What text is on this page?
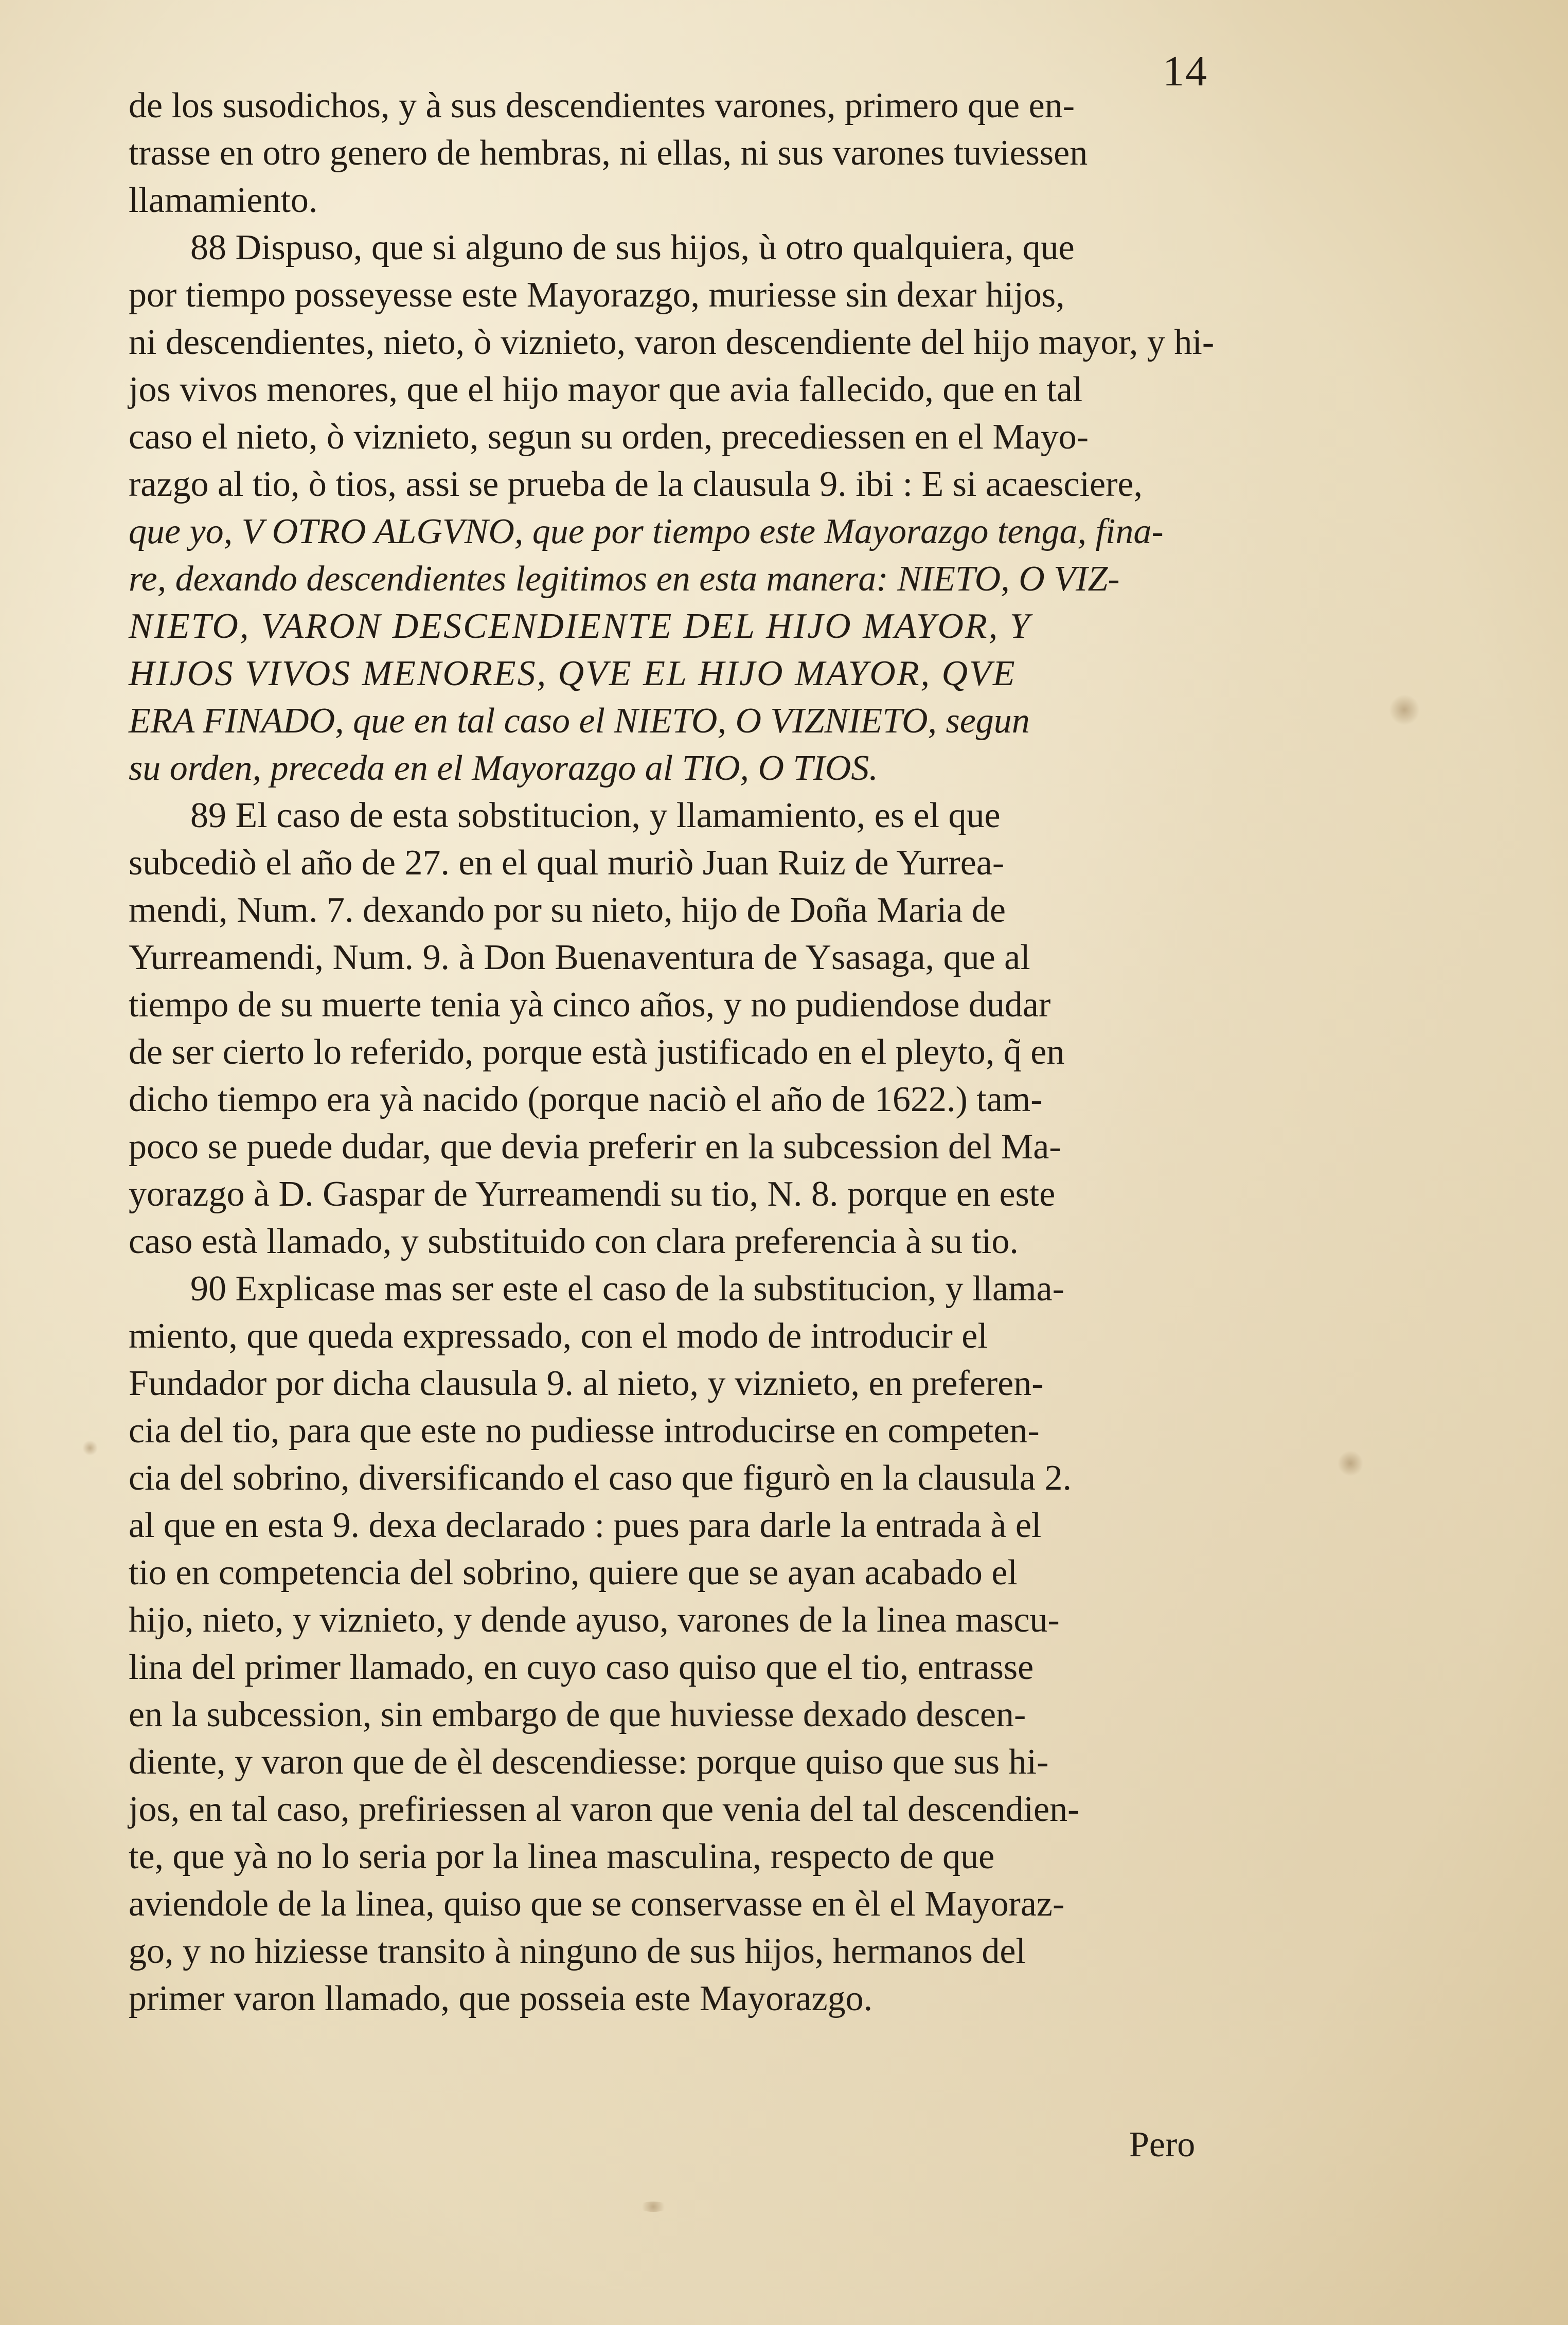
14
de los susodichos, y à sus descendientes varones, primero que en-
trasse en otro genero de hembras, ni ellas, ni sus varones tuviessen
llamamiento.
88 Dispuso, que si alguno de sus hijos, ù otro qualquiera, que
por tiempo posseyesse este Mayorazgo, muriesse sin dexar hijos,
ni descendientes, nieto, ò viznieto, varon descendiente del hijo mayor, y hi-
jos vivos menores, que el hijo mayor que avia fallecido, que en tal
caso el nieto, ò viznieto, segun su orden, precediessen en el Mayo-
razgo al tio, ò tios, assi se prueba de la clausula 9. ibi : E si acaesciere,
que yo, V OTRO ALGVNO, que por tiempo este Mayorazgo tenga, fina-
re, dexando descendientes legitimos en esta manera: NIETO, O VIZ-
NIETO, VARON DESCENDIENTE DEL HIJO MAYOR, Y
HIJOS VIVOS MENORES, QVE EL HIJO MAYOR, QVE
ERA FINADO, que en tal caso el NIETO, O VIZNIETO, segun
su orden, preceda en el Mayorazgo al TIO, O TIOS.
89 El caso de esta sobstitucion, y llamamiento, es el que
subcediò el año de 27. en el qual muriò Juan Ruiz de Yurrea-
mendi, Num. 7. dexando por su nieto, hijo de Doña Maria de
Yurreamendi, Num. 9. à Don Buenaventura de Ysasaga, que al
tiempo de su muerte tenia yà cinco años, y no pudiendose dudar
de ser cierto lo referido, porque està justificado en el pleyto, q̃ en
dicho tiempo era yà nacido (porque naciò el año de 1622.) tam-
poco se puede dudar, que devia preferir en la subcession del Ma-
yorazgo à D. Gaspar de Yurreamendi su tio, N. 8. porque en este
caso està llamado, y substituido con clara preferencia à su tio.
90 Explicase mas ser este el caso de la substitucion, y llama-
miento, que queda expressado, con el modo de introducir el
Fundador por dicha clausula 9. al nieto, y viznieto, en preferen-
cia del tio, para que este no pudiesse introducirse en competen-
cia del sobrino, diversificando el caso que figurò en la clausula 2.
al que en esta 9. dexa declarado : pues para darle la entrada à el
tio en competencia del sobrino, quiere que se ayan acabado el
hijo, nieto, y viznieto, y dende ayuso, varones de la linea mascu-
lina del primer llamado, en cuyo caso quiso que el tio, entrasse
en la subcession, sin embargo de que huviesse dexado descen-
diente, y varon que de èl descendiesse: porque quiso que sus hi-
jos, en tal caso, prefiriessen al varon que venia del tal descendien-
te, que yà no lo seria por la linea masculina, respecto de que
aviendole de la linea, quiso que se conservasse en èl el Mayoraz-
go, y no hiziesse transito à ninguno de sus hijos, hermanos del
primer varon llamado, que posseia este Mayorazgo.
Pero
